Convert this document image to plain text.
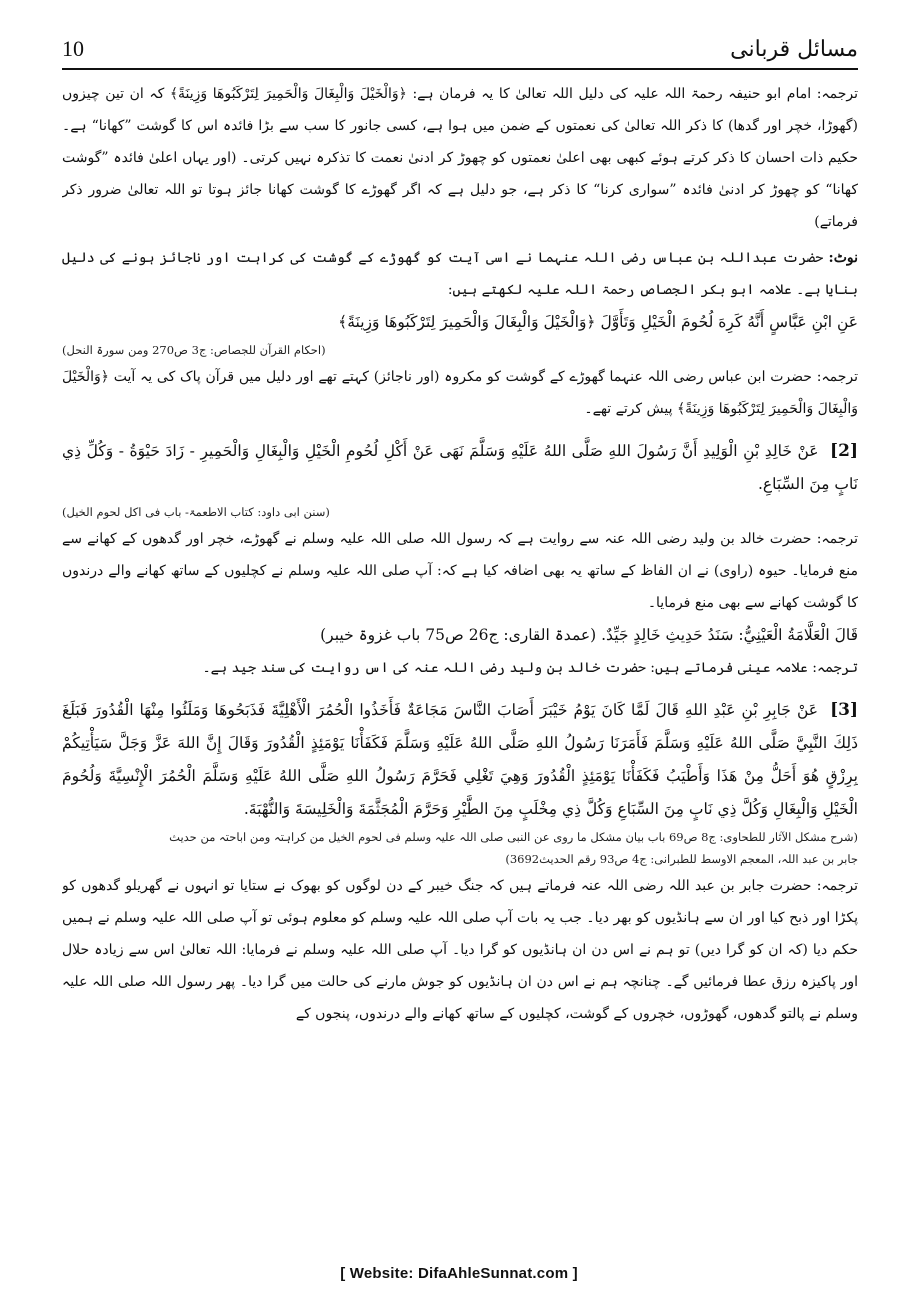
10	مسائل قربانی

ترجمہ: امام ابو حنیفہ رحمۃ اللہ علیہ کی دلیل اللہ تعالیٰ کا یہ فرمان ہے: ﴿وَالْخَيْلَ وَالْبِغَالَ وَالْحَمِيرَ لِتَرْكَبُوهَا وَزِينَةً﴾ کہ ان تین چیزوں (گھوڑا، خچر اور گدھا) کا ذکر اللہ تعالیٰ کی نعمتوں کے ضمن میں ہوا ہے، کسی جانور کا سب سے بڑا فائدہ اس کا گوشت ”کھانا“ ہے۔ حکیم ذات احسان کا ذکر کرتے ہوئے کبھی بھی اعلیٰ نعمتوں کو چھوڑ کر ادنیٰ نعمت کا تذکرہ نہیں کرتی۔ (اور یہاں اعلیٰ فائدہ ”گوشت کھانا“ کو چھوڑ کر ادنیٰ فائدہ ”سواری کرنا“ کا ذکر ہے، جو دلیل ہے کہ اگر گھوڑے کا گوشت کھانا جائز ہوتا تو اللہ تعالیٰ ضرور ذکر فرماتے)

نوٹ: حضرت عبداللہ بن عباس رضی اللہ عنہما نے اسی آیت کو گھوڑے کے گوشت کی کراہت اور ناجائز ہونے کی دلیل بنایا ہے۔ علامہ ابو بکر الجصاص رحمۃ اللہ علیہ لکھتے ہیں:

عَنِ ابْنِ عَبَّاسٍ أَنَّهُ كَرِهَ لُحُومَ الْخَيْلِ وَتَأَوَّلَ ﴿وَالْخَيْلَ وَالْبِغَالَ وَالْحَمِيرَ لِتَرْكَبُوهَا وَزِينَةً﴾

(احکام القرآن للجصاص: ج3 ص270 ومن سورۃ النحل)

ترجمہ: حضرت ابن عباس رضی اللہ عنہما گھوڑے کے گوشت کو مکروہ (اور ناجائز) کہتے تھے اور دلیل میں قرآن پاک کی یہ آیت ﴿وَالْخَيْلَ وَالْبِغَالَ وَالْحَمِيرَ لِتَرْكَبُوهَا وَزِينَةً﴾ پیش کرتے تھے۔

[2] عَنْ خَالِدِ بْنِ الْوَلِيدِ أَنَّ رَسُولَ اللهِ صَلَّى اللهُ عَلَيْهِ وَسَلَّمَ نَهَى عَنْ أَكْلِ لُحُومِ الْخَيْلِ وَالْبِغَالِ وَالْحَمِيرِ - زَادَ حَيْوَةُ - وَكُلِّ ذِي نَابٍ مِنَ السِّبَاعِ.

(سنن ابی داود: کتاب الاطعمۃ- باب فی اکل لحوم الخیل)

ترجمہ: حضرت خالد بن ولید رضی اللہ عنہ سے روایت ہے کہ رسول اللہ صلی اللہ علیہ وسلم نے گھوڑے، خچر اور گدھوں کے کھانے سے منع فرمایا۔ حیوہ (راوی) نے ان الفاظ کے ساتھ یہ بھی اضافہ کیا ہے کہ: آپ صلی اللہ علیہ وسلم نے کچلیوں کے ساتھ کھانے والے درندوں کا گوشت کھانے سے بھی منع فرمایا۔

قَالَ الْعَلَّامَةُ الْعَيْنِيُّ: سَنَدُ حَدِيثِ خَالِدٍ جَيِّدٌ. (عمدۃ القاری: ج26 ص75 باب غزوۃ خیبر)

ترجمہ: علامہ عینی فرماتے ہیں: حضرت خالد بن ولید رضی اللہ عنہ کی اس روایت کی سند جید ہے۔

[3] عَنْ جَابِرِ بْنِ عَبْدِ اللهِ قَالَ لَمَّا كَانَ يَوْمُ خَيْبَرَ أَصَابَ النَّاسَ مَجَاعَةٌ فَأَخَذُوا الْحُمُرَ الْأَهْلِيَّةَ فَذَبَحُوهَا وَمَلَئُوا مِنْهَا الْقُدُورَ فَبَلَغَ ذَلِكَ النَّبِيَّ صَلَّى اللهُ عَلَيْهِ وَسَلَّمَ فَأَمَرَنَا رَسُولُ اللهِ صَلَّى اللهُ عَلَيْهِ وَسَلَّمَ فَكَفَأْنَا يَوْمَئِذٍ الْقُدُورَ وَقَالَ إِنَّ اللهَ عَزَّ وَجَلَّ سَيَأْتِيكُمْ بِرِزْقٍ هُوَ أَحَلُّ مِنْ هَذَا وَأَطْيَبُ فَكَفَأْنَا يَوْمَئِذٍ الْقُدُورَ وَهِيَ تَغْلِي فَحَرَّمَ رَسُولُ اللهِ صَلَّى اللهُ عَلَيْهِ وَسَلَّمَ الْحُمُرَ الْإِنْسِيَّةَ وَلُحُومَ الْخَيْلِ وَالْبِغَالِ وَكُلَّ ذِي نَابٍ مِنَ السِّبَاعِ وَكُلَّ ذِي مِخْلَبٍ مِنَ الطَّيْرِ وَحَرَّمَ الْمُجَثَّمَةَ وَالْخَلِيسَةَ وَالنُّهْبَةَ.

(شرح مشکل الآثار للطحاوی: ج8 ص69 باب بیان مشکل ما روی عن النبی صلی اللہ علیہ وسلم فی لحوم الخیل من کراہتہ ومن اباحتہ من حدیث

جابر بن عبد اللہ، المعجم الاوسط للطبرانی: ج4 ص93 رقم الحدیث3692)

ترجمہ: حضرت جابر بن عبد اللہ رضی اللہ عنہ فرماتے ہیں کہ جنگ خیبر کے دن لوگوں کو بھوک نے ستایا تو انہوں نے گھریلو گدھوں کو پکڑا اور ذبح کیا اور ان سے ہانڈیوں کو بھر دیا۔ جب یہ بات آپ صلی اللہ علیہ وسلم کو معلوم ہوئی تو آپ صلی اللہ علیہ وسلم نے ہمیں حکم دیا (کہ ان کو گرا دیں) تو ہم نے اس دن ان ہانڈیوں کو گرا دیا۔ آپ صلی اللہ علیہ وسلم نے فرمایا: اللہ تعالیٰ اس سے زیادہ حلال اور پاکیزہ رزق عطا فرمائیں گے۔ چنانچہ ہم نے اس دن ان ہانڈیوں کو جوش مارنے کی حالت میں گرا دیا۔ پھر رسول اللہ صلی اللہ علیہ وسلم نے پالتو گدھوں، گھوڑوں، خچروں کے گوشت، کچلیوں کے ساتھ کھانے والے درندوں، پنجوں کے

[ Website: DifaAhleSunnat.com ]
